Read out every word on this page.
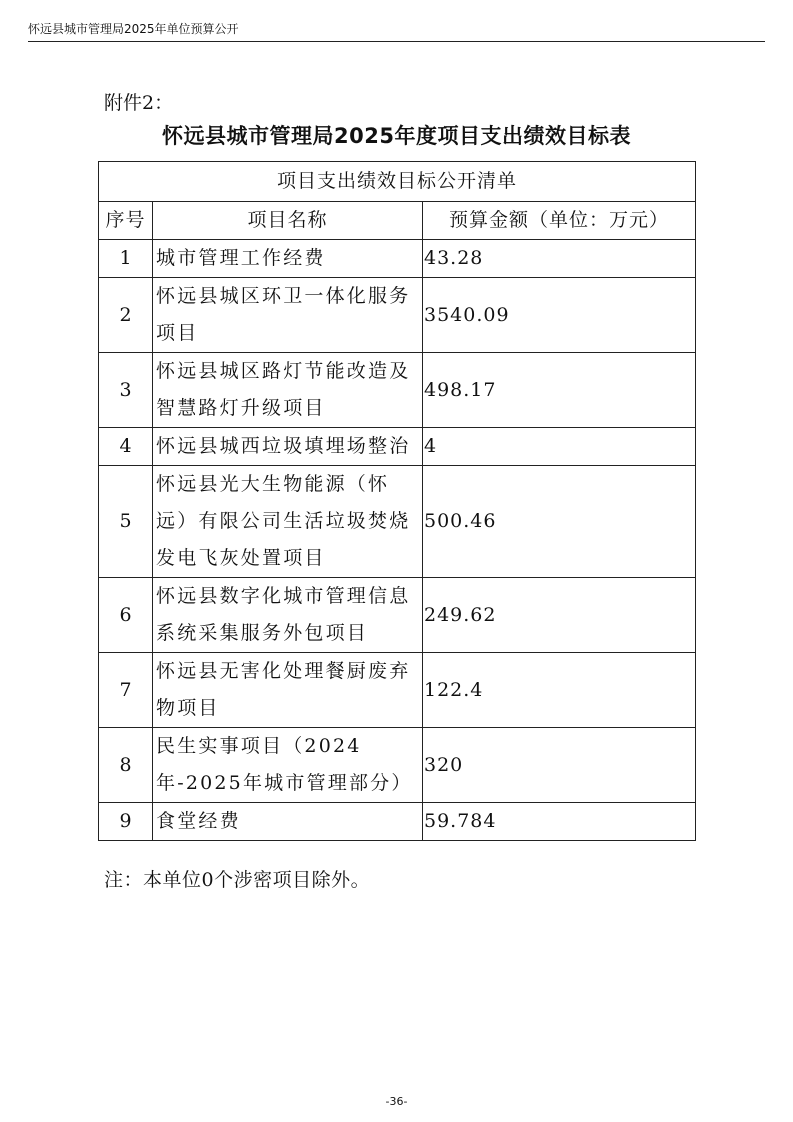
怀远县城市管理局2025年单位预算公开
附件2：
怀远县城市管理局2025年度项目支出绩效目标表
项目支出绩效目标公开清单		
序号	项目名称	预算金额（单位：万元）
1	城市管理工作经费	43.28
2	怀远县城区环卫一体化服务项目	3540.09
3	怀远县城区路灯节能改造及智慧路灯升级项目	498.17
4	怀远县城西垃圾填埋场整治	4
5	怀远县光大生物能源（怀远）有限公司生活垃圾焚烧发电飞灰处置项目	500.46
6	怀远县数字化城市管理信息系统采集服务外包项目	249.62
7	怀远县无害化处理餐厨废弃物项目	122.4
8	民生实事项目（2024年-2025年城市管理部分）	320
9	食堂经费	59.784
注：本单位0个涉密项目除外。
-36-
